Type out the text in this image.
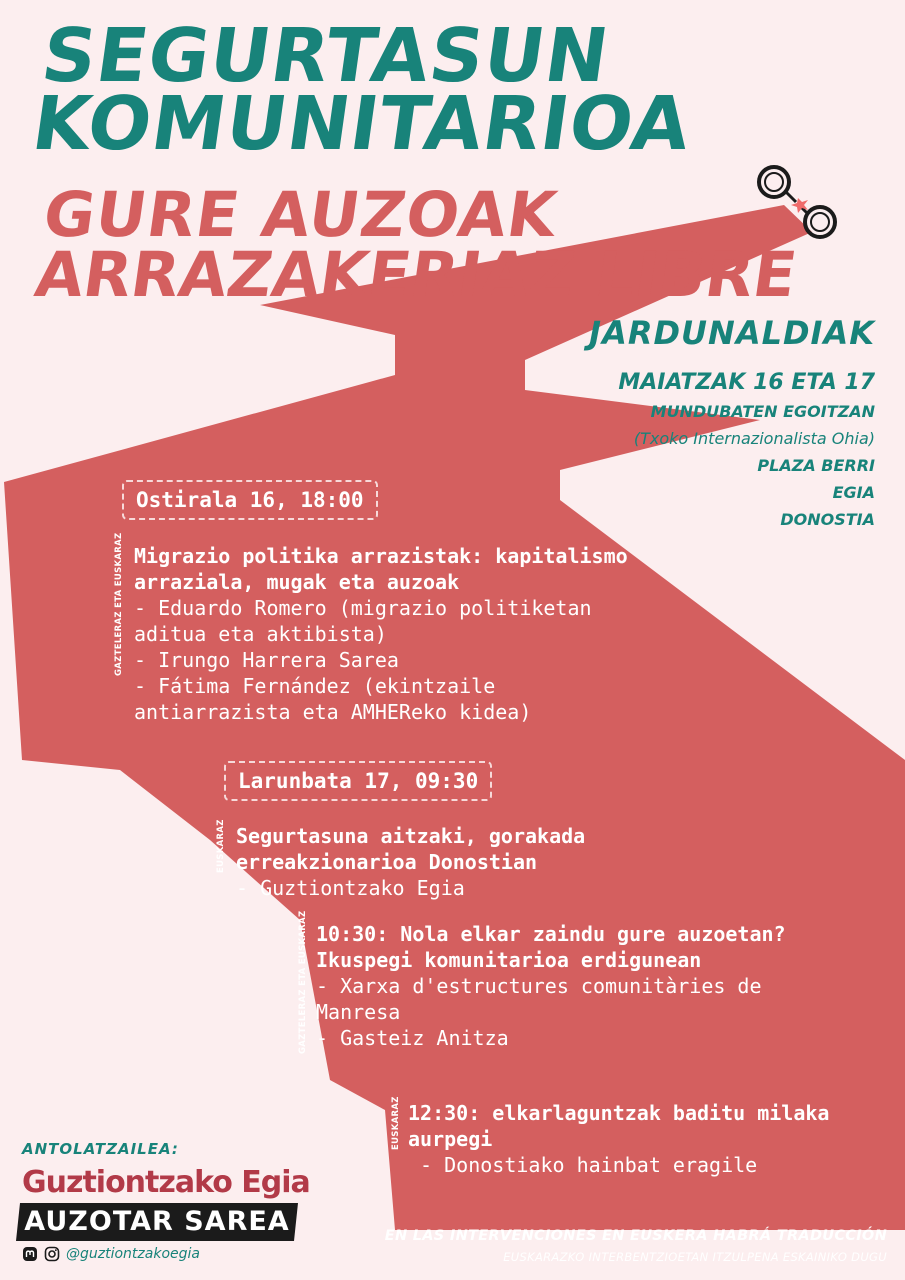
SEGURTASUN
KOMUNITARIOA
GURE AUZOAK
ARRAZAKERIAZ LIBRE
JARDUNALDIAK
MAIATZAK 16 ETA 17
MUNDUBATEN EGOITZAN
(Txoko Internazionalista Ohia)
PLAZA BERRI
EGIA
DONOSTIA
Ostirala 16, 18:00
GAZTELERAZ ETA EUSKARAZ Migrazio politika arrazistak: kapitalismo

arraziala, mugak eta auzoak

- Eduardo Romero (migrazio politiketan

aditua eta aktibista)

- Irungo Harrera Sarea

- Fátima Fernández (ekintzaile

antiarrazista eta AMHEReko kidea)

Larunbata 17, 09:30
EUSKARAZ Segurtasuna aitzaki, gorakada

erreakzionarioa Donostian

- Guztiontzako Egia

GAZTELERAZ ETA EUSKARAZ 10:30: Nola elkar zaindu gure auzoetan?

Ikuspegi komunitarioa erdigunean

- Xarxa d'estructures comunitàries de

Manresa

- Gasteiz Anitza

EUSKARAZ 12:30: elkarlaguntzak baditu milaka

aurpegi

- Donostiako hainbat eragile

ANTOLATZAILEA:
Guztiontzako Egia
AUZOTAR SAREA
@guztiontzakoegia
EN LAS INTERVENCIONES EN EUSKERA HABRÁ TRADUCCIÓN
EUSKARAZKO INTERBENTZIOETAN ITZULPENA ESKAINIKO DUGU
